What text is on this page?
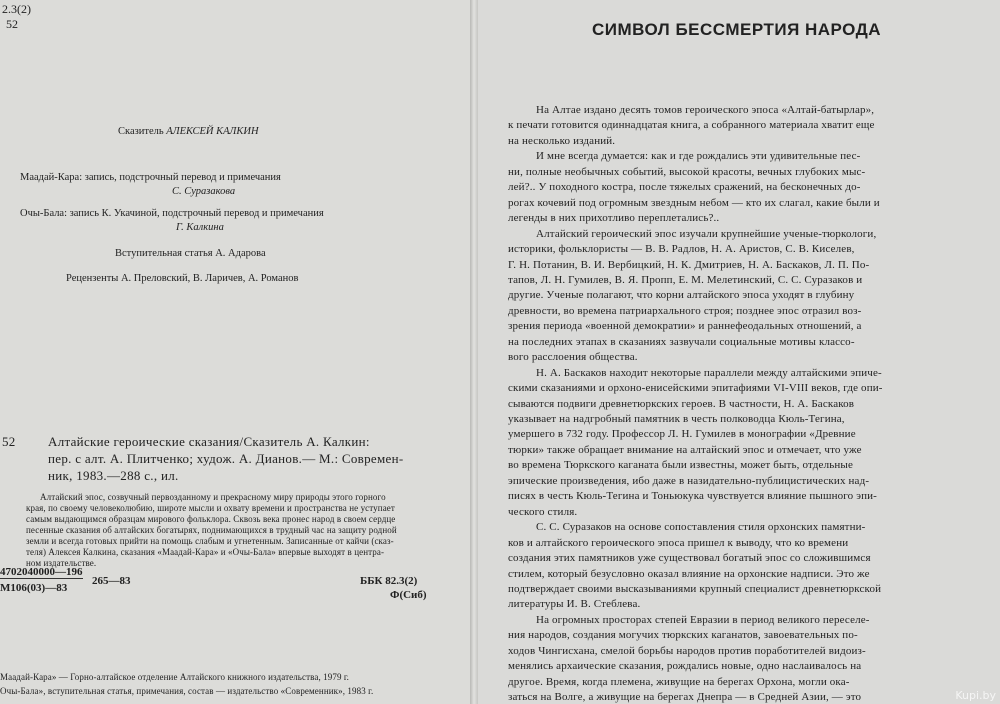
2.3(2)
52
Сказитель АЛЕКСЕЙ КАЛКИН
Маадай-Кара: запись, подстрочный перевод и примечания
С. Суразакова
Очы-Бала: запись К. Укачиной, подстрочный перевод и примечания
Г. Калкина
Вступительная статья А. Адарова
Рецензенты А. Преловский, В. Ларичев, А. Романов
52 Алтайские героические сказания/Сказитель А. Калкин:
пер. с алт. А. Плитченко; худож. А. Дианов.— М.: Современ-
ник, 1983.—288 с., ил.
Алтайский эпос, созвучный первозданному и прекрасному миру природы этого горного
края, по своему человеколюбию, широте мысли и охвату времени и пространства не уступает
самым выдающимся образцам мирового фольклора. Сквозь века пронес народ в своем сердце
песенные сказания об алтайских богатырях, поднимающихся в трудный час на защиту родной
земли и всегда готовых прийти на помощь слабым и угнетенным. Записанные от кайчи (сказ-
теля) Алексея Калкина, сказания «Маадай-Кара» и «Очы-Бала» впервые выходят в центра-
ном издательстве.
4702040000—196
М106(03)—83
265—83	ББК 82.3(2)
Ф(Сиб)
Маадай-Кара» — Горно-алтайское отделение Алтайского книжного издательства, 1979 г.
Очы-Бала», вступительная статья, примечания, состав — издательство «Современник», 1983 г.
СИМВОЛ БЕССМЕРТИЯ НАРОДА
На Алтае издано десять томов героического эпоса «Алтай-батырлар»,
к печати готовится одиннадцатая книга, а собранного материала хватит еще
на несколько изданий.
И мне всегда думается: как и где рождались эти удивительные пес-
ни, полные необычных событий, высокой красоты, вечных глубоких мыс-
лей?.. У походного костра, после тяжелых сражений, на бесконечных до-
рогах кочевий под огромным звездным небом — кто их слагал, какие были и
легенды в них прихотливо переплетались?..
Алтайский героический эпос изучали крупнейшие ученые-тюркологи,
историки, фольклористы — В. В. Радлов, Н. А. Аристов, С. В. Киселев,
Г. Н. Потанин, В. И. Вербицкий, Н. К. Дмитриев, Н. А. Баскаков, Л. П. По-
тапов, Л. Н. Гумилев, В. Я. Пропп, Е. М. Мелетинский, С. С. Суразаков и
другие. Ученые полагают, что корни алтайского эпоса уходят в глубину
древности, во времена патриархального строя; позднее эпос отразил воз-
зрения периода «военной демократии» и раннефеодальных отношений, а
на последних этапах в сказаниях зазвучали социальные мотивы классо-
вого расслоения общества.
Н. А. Баскаков находит некоторые параллели между алтайскими эпиче-
скими сказаниями и орхоно-енисейскими эпитафиями VI-VIII веков, где опи-
сываются подвиги древнетюркских героев. В частности, Н. А. Баскаков
указывает на надгробный памятник в честь полководца Кюль-Тегина,
умершего в 732 году. Профессор Л. Н. Гумилев в монографии «Древние
тюрки» также обращает внимание на алтайский эпос и отмечает, что уже
во времена Тюркского каганата были известны, может быть, отдельные
эпические произведения, ибо даже в назидательно-публицистических над-
писях в честь Кюль-Тегина и Тоньюкука чувствуется влияние пышного эпи-
ческого стиля.
С. С. Суразаков на основе сопоставления стиля орхонских памятни-
ков и алтайского героического эпоса пришел к выводу, что ко времени
создания этих памятников уже существовал богатый эпос со сложившимся
стилем, который безусловно оказал влияние на орхонские надписи. Это же
подтверждает своими высказываниями крупный специалист древнетюркской
литературы И. В. Стеблева.
На огромных просторах степей Евразии в период великого переселе-
ния народов, создания могучих тюркских каганатов, завоевательных по-
ходов Чингисхана, смелой борьбы народов против поработителей видоиз-
менялись архаические сказания, рождались новые, одно наслаивалось на
другое. Время, когда племена, живущие на берегах Орхона, могли ока-
заться на Волге, а живущие на берегах Днепра — в Средней Азии, — это	Kupi.by
